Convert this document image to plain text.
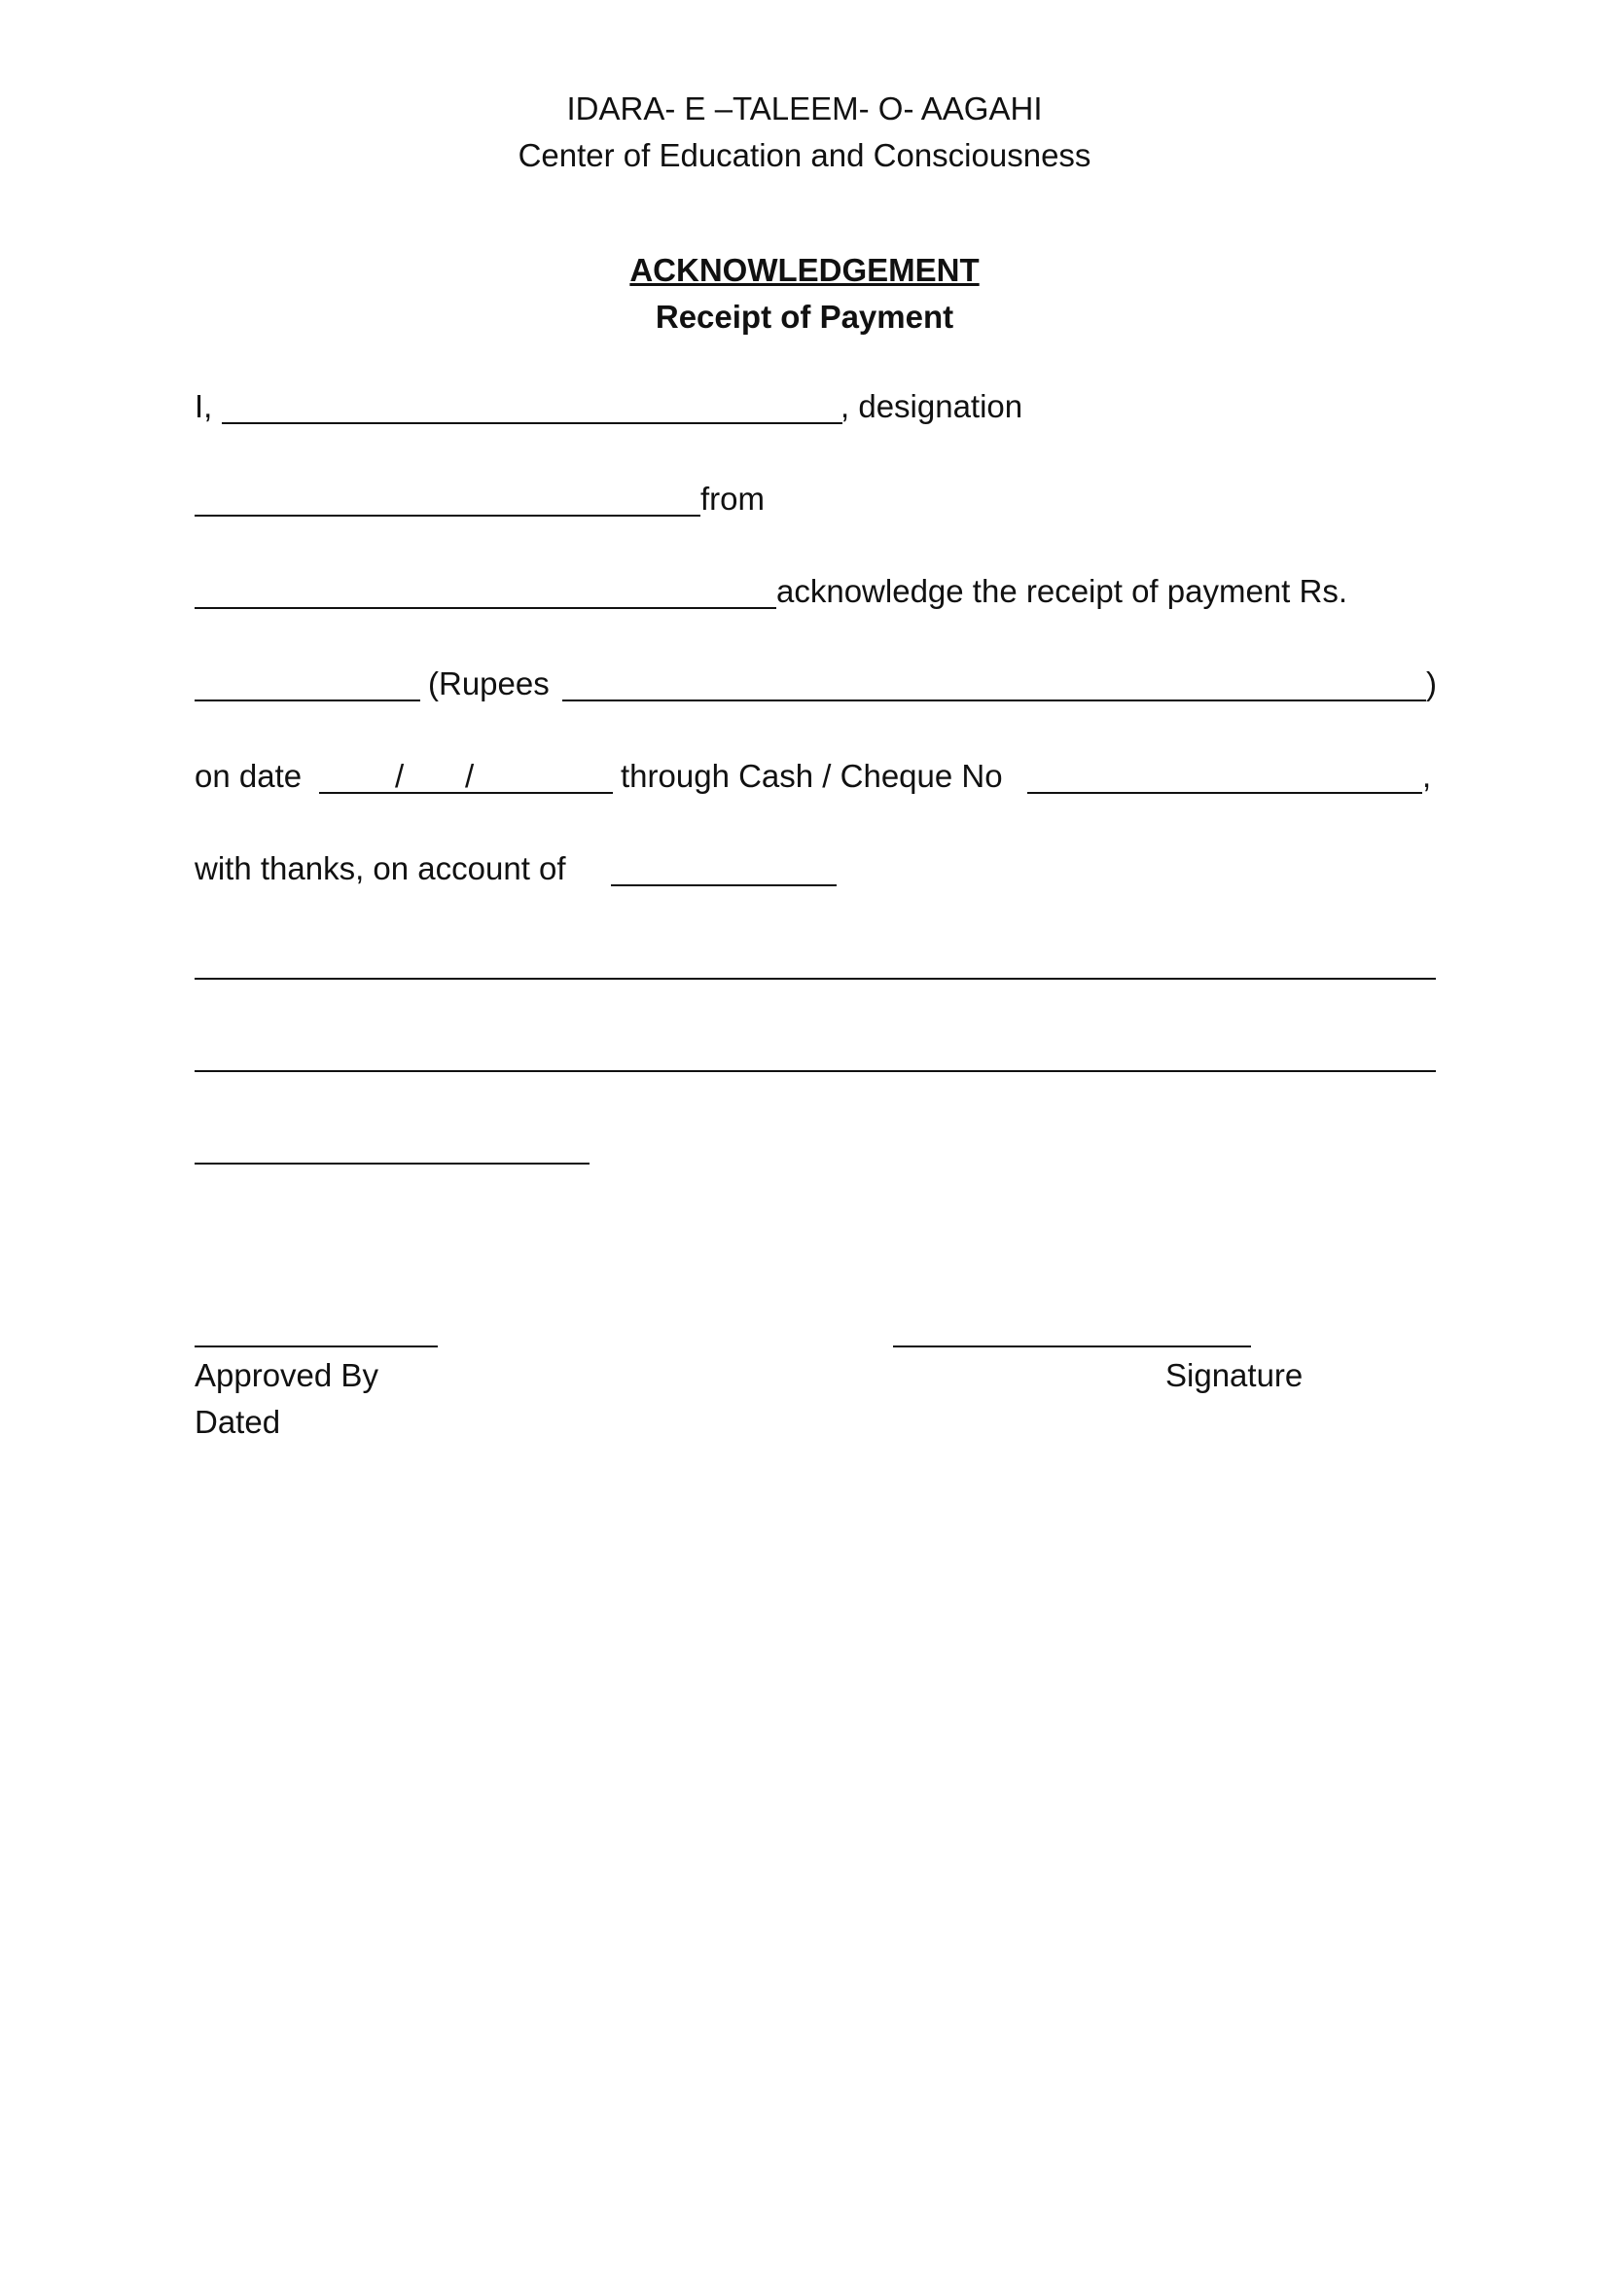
IDARA- E –TALEEM- O- AAGAHI
Center of Education and Consciousness
ACKNOWLEDGEMENT
Receipt of Payment
I,	, designation
from
acknowledge the receipt of payment Rs.
(Rupees	)
on date	/ /	through Cash / Cheque No	,
with thanks, on account of
Approved By
Dated
Signature
